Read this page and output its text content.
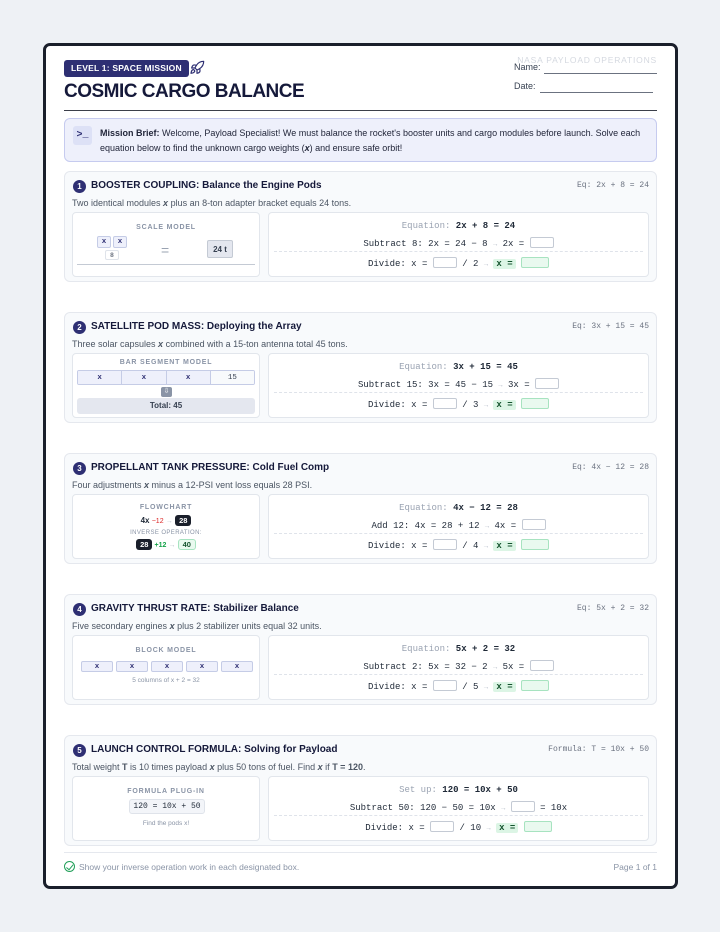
LEVEL 1: SPACE MISSION
NASA PAYLOAD OPERATIONS
COSMIC CARGO BALANCE
Name:
Date:
>_	Mission Brief: Welcome, Payload Specialist! We must balance the rocket's booster units and cargo modules before launch. Solve each equation below to find the unknown cargo weights (x) and ensure safe orbit!
1 BOOSTER COUPLING: Balance the Engine Pods	Eq: 2x + 8 = 24
Two identical modules x plus an 8-ton adapter bracket equals 24 tons.
SCALE MODEL
x	x
8	=	24 t
Equation: 2x + 8 = 24
Subtract 8: 2x = 24 − 8 → 2x =
Divide: x =	/ 2 → x =
2 SATELLITE POD MASS: Deploying the Array	Eq: 3x + 15 = 45
Three solar capsules x combined with a 15-ton antenna total 45 tons.
BAR SEGMENT MODEL
x	x	x	15
⇩
Total: 45
Equation: 3x + 15 = 45
Subtract 15: 3x = 45 − 15 → 3x =
Divide: x =	/ 3 → x =
3 PROPELLANT TANK PRESSURE: Cold Fuel Comp	Eq: 4x − 12 = 28
Four adjustments x minus a 12-PSI vent loss equals 28 PSI.
FLOWCHART
4x −12 → 28
INVERSE OPERATION:
28 +12 → 40
Equation: 4x − 12 = 28
Add 12: 4x = 28 + 12 → 4x =
Divide: x =	/ 4 → x =
4 GRAVITY THRUST RATE: Stabilizer Balance	Eq: 5x + 2 = 32
Five secondary engines x plus 2 stabilizer units equal 32 units.
BLOCK MODEL
x	x	x	x	x
5 columns of x + 2 = 32
Equation: 5x + 2 = 32
Subtract 2: 5x = 32 − 2 → 5x =
Divide: x =	/ 5 → x =
5 LAUNCH CONTROL FORMULA: Solving for Payload	Formula: T = 10x + 50
Total weight T is 10 times payload x plus 50 tons of fuel. Find x if T = 120.
FORMULA PLUG-IN
120 = 10x + 50
Find the pods x!
Set up: 120 = 10x + 50
Subtract 50: 120 − 50 = 10x →	= 10x
Divide: x =	/ 10 → x =
Show your inverse operation work in each designated box.	Page 1 of 1
